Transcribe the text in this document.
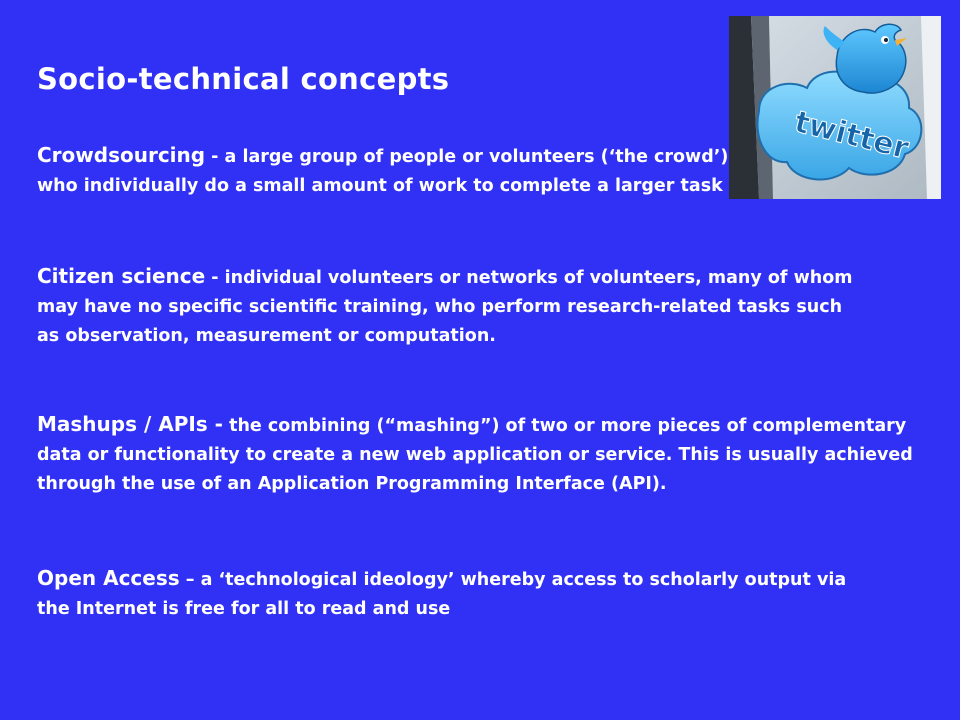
Socio-technical concepts
twitter

Crowdsourcing - a large group of people or volunteers (‘the crowd’) who individually do a small amount of work to complete a larger task

Citizen science - individual volunteers or networks of volunteers, many of whom may have no specific scientific training, who perform research-related tasks such as observation, measurement or computation.

Mashups / APIs - the combining (“mashing”) of two or more pieces of complementary data or functionality to create a new web application or service. This is usually achieved through the use of an Application Programming Interface (API).

Open Access – a ‘technological ideology’ whereby access to scholarly output via the Internet is free for all to read and use
